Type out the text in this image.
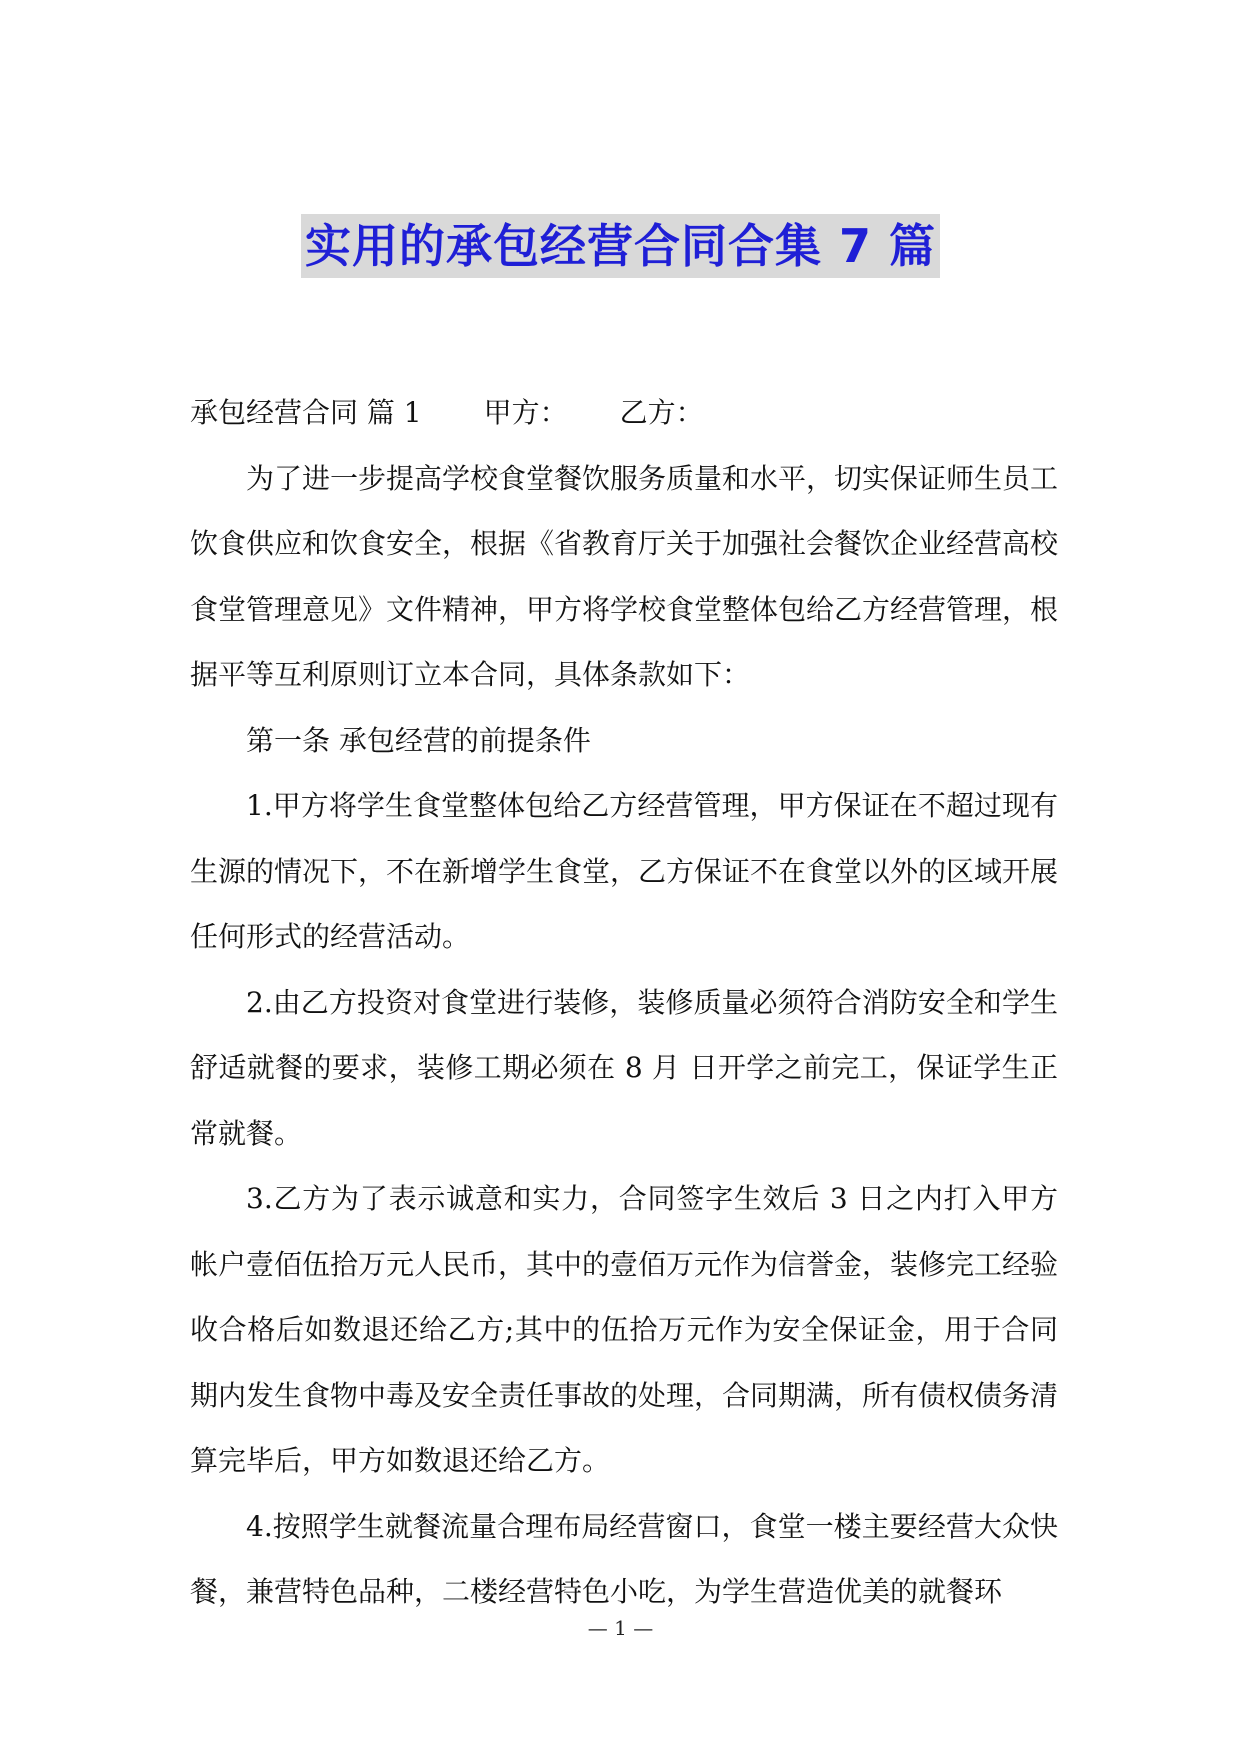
实用的承包经营合同合集 7 篇

承包经营合同 篇 1 甲方： 乙方：

为了进一步提高学校食堂餐饮服务质量和水平，切实保证师生员工饮食供应和饮食安全，根据《省教育厅关于加强社会餐饮企业经营高校食堂管理意见》文件精神，甲方将学校食堂整体包给乙方经营管理，根据平等互利原则订立本合同，具体条款如下：

第一条 承包经营的前提条件

1.甲方将学生食堂整体包给乙方经营管理，甲方保证在不超过现有生源的情况下，不在新增学生食堂，乙方保证不在食堂以外的区域开展任何形式的经营活动。

2.由乙方投资对食堂进行装修，装修质量必须符合消防安全和学生舒适就餐的要求，装修工期必须在 8 月 日开学之前完工，保证学生正常就餐。

3.乙方为了表示诚意和实力，合同签字生效后 3 日之内打入甲方帐户壹佰伍拾万元人民币，其中的壹佰万元作为信誉金，装修完工经验收合格后如数退还给乙方;其中的伍拾万元作为安全保证金，用于合同期内发生食物中毒及安全责任事故的处理，合同期满，所有债权债务清算完毕后，甲方如数退还给乙方。

4.按照学生就餐流量合理布局经营窗口，食堂一楼主要经营大众快餐，兼营特色品种，二楼经营特色小吃，为学生营造优美的就餐环

— 1 —
